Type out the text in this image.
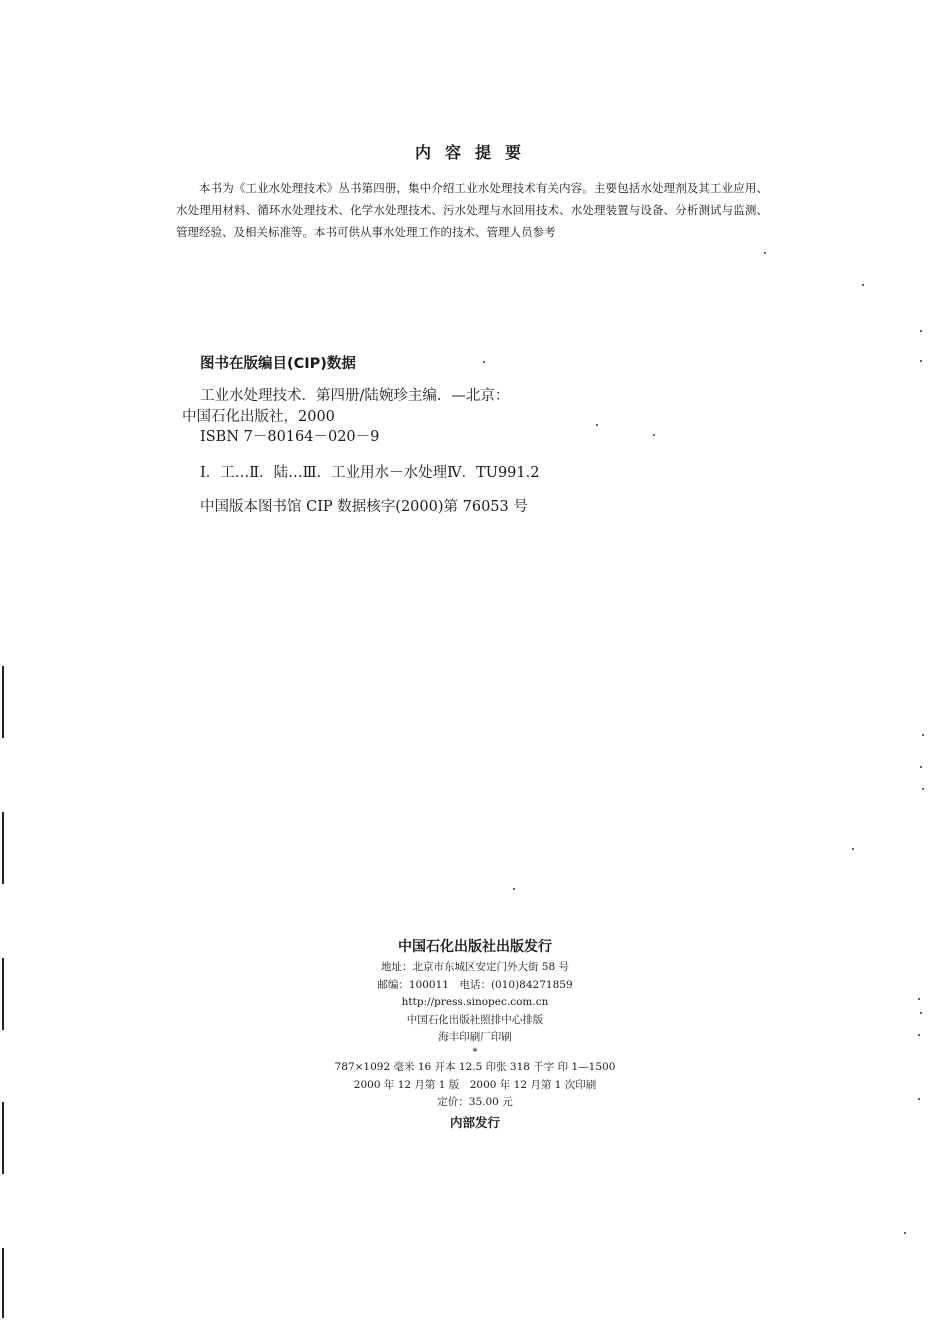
内容提要
本书为《工业水处理技术》丛书第四册，集中介绍工业水处理技术有关内容。主要包括水处理剂及其工业应用、水处理用材料、循环水处理技术、化学水处理技术、污水处理与水回用技术、水处理装置与设备、分析测试与监测、管理经验、及相关标准等。本书可供从事水处理工作的技术、管理人员参考
图书在版编目(CIP)数据
工业水处理技术．第四册/陆婉珍主编．—北京：
中国石化出版社，2000
ISBN 7－80164－020－9
Ⅰ．工…Ⅱ．陆…Ⅲ．工业用水－水处理Ⅳ．TU991.2
中国版本图书馆 CIP 数据核字(2000)第 76053 号
中国石化出版社出版发行
地址：北京市东城区安定门外大街 58 号
邮编：100011　电话：(010)84271859
http://press.sinopec.com.cn
中国石化出版社照排中心排版
海丰印刷厂印刷
*
787×1092 毫米 16 开本 12.5 印张 318 千字 印 1—1500
2000 年 12 月第 1 版　2000 年 12 月第 1 次印刷
定价：35.00 元
内部发行
